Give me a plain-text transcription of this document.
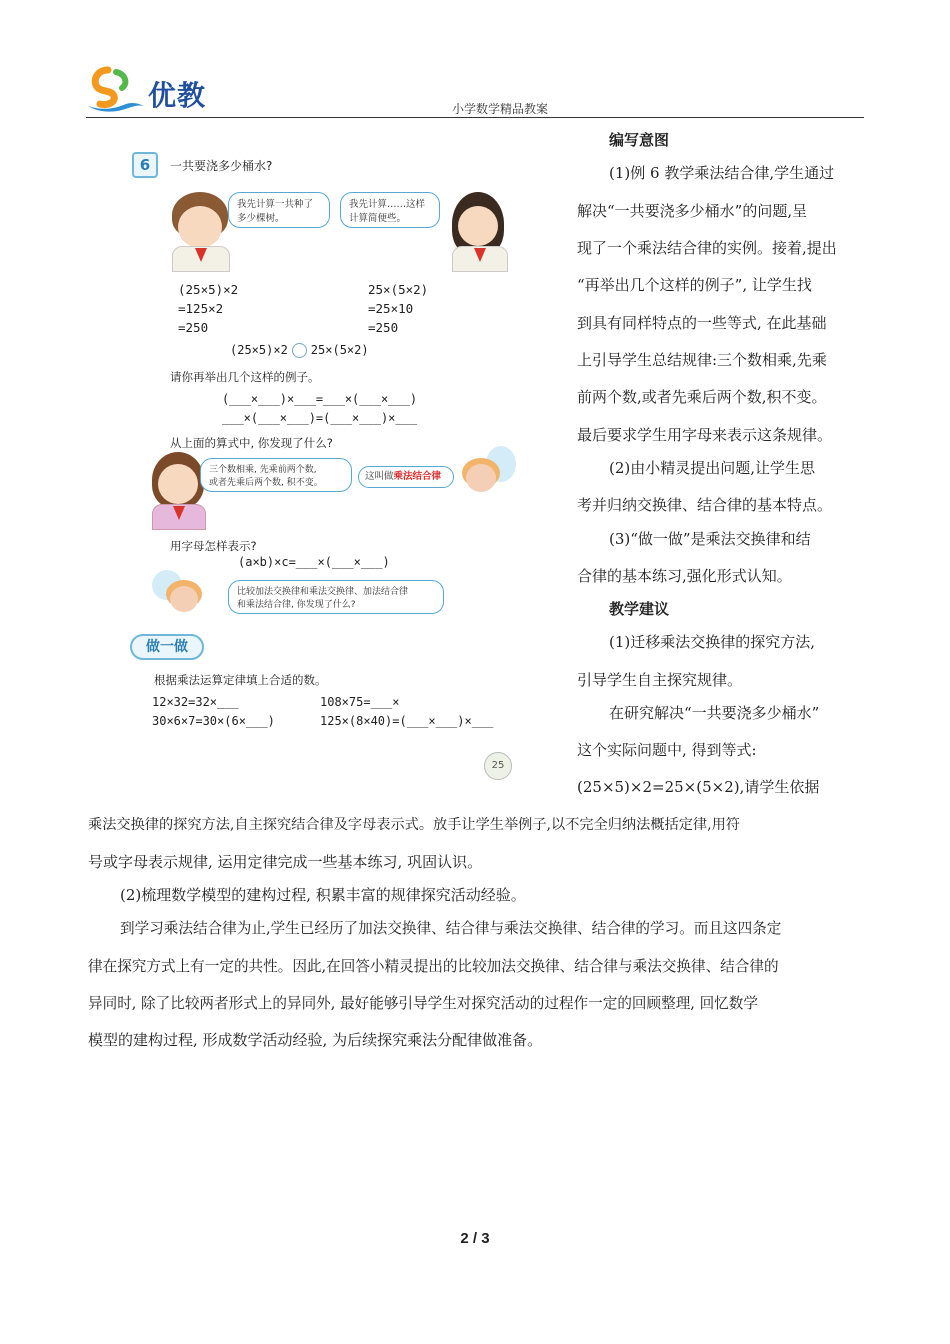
优教	小学数学精品教案
6	一共要浇多少桶水?
我先计算一共种了
多少棵树。
我先计算……这样
计算简便些。
(25×5)×2
=125×2
=250
25×(5×2)
=25×10
=250
(25×5)×2 25×(5×2)
请你再举出几个这样的例子。
(___×___)×___=___×(___×___)
___×(___×___)=(___×___)×___
从上面的算式中, 你发现了什么?
三个数相乘, 先乘前两个数,
或者先乘后两个数, 积不变。
这叫做乘法结合律
用字母怎样表示?
(a×b)×c=___×(___×___)
比较加法交换律和乘法交换律、加法结合律
和乘法结合律, 你发现了什么?
做一做
根据乘法运算定律填上合适的数。
12×32=32×___	108×75=___×
30×6×7=30×(6×___)	125×(8×40)=(___×___)×___
25
编写意图
(1)例 6 教学乘法结合律,学生通过
解决“一共要浇多少桶水”的问题,呈
现了一个乘法结合律的实例。接着,提出
“再举出几个这样的例子”, 让学生找
到具有同样特点的一些等式, 在此基础
上引导学生总结规律:三个数相乘,先乘
前两个数,或者先乘后两个数,积不变。
最后要求学生用字母来表示这条规律。
(2)由小精灵提出问题,让学生思
考并归纳交换律、结合律的基本特点。
(3)“做一做”是乘法交换律和结
合律的基本练习,强化形式认知。
教学建议
(1)迁移乘法交换律的探究方法,
引导学生自主探究规律。
在研究解决“一共要浇多少桶水”
这个实际问题中, 得到等式:
(25×5)×2=25×(5×2),请学生依据
乘法交换律的探究方法,自主探究结合律及字母表示式。放手让学生举例子,以不完全归纳法概括定律,用符
号或字母表示规律, 运用定律完成一些基本练习, 巩固认识。
(2)梳理数学模型的建构过程, 积累丰富的规律探究活动经验。
到学习乘法结合律为止,学生已经历了加法交换律、结合律与乘法交换律、结合律的学习。而且这四条定
律在探究方式上有一定的共性。因此,在回答小精灵提出的比较加法交换律、结合律与乘法交换律、结合律的
异同时, 除了比较两者形式上的异同外, 最好能够引导学生对探究活动的过程作一定的回顾整理, 回忆数学
模型的建构过程, 形成数学活动经验, 为后续探究乘法分配律做准备。
2 / 3
